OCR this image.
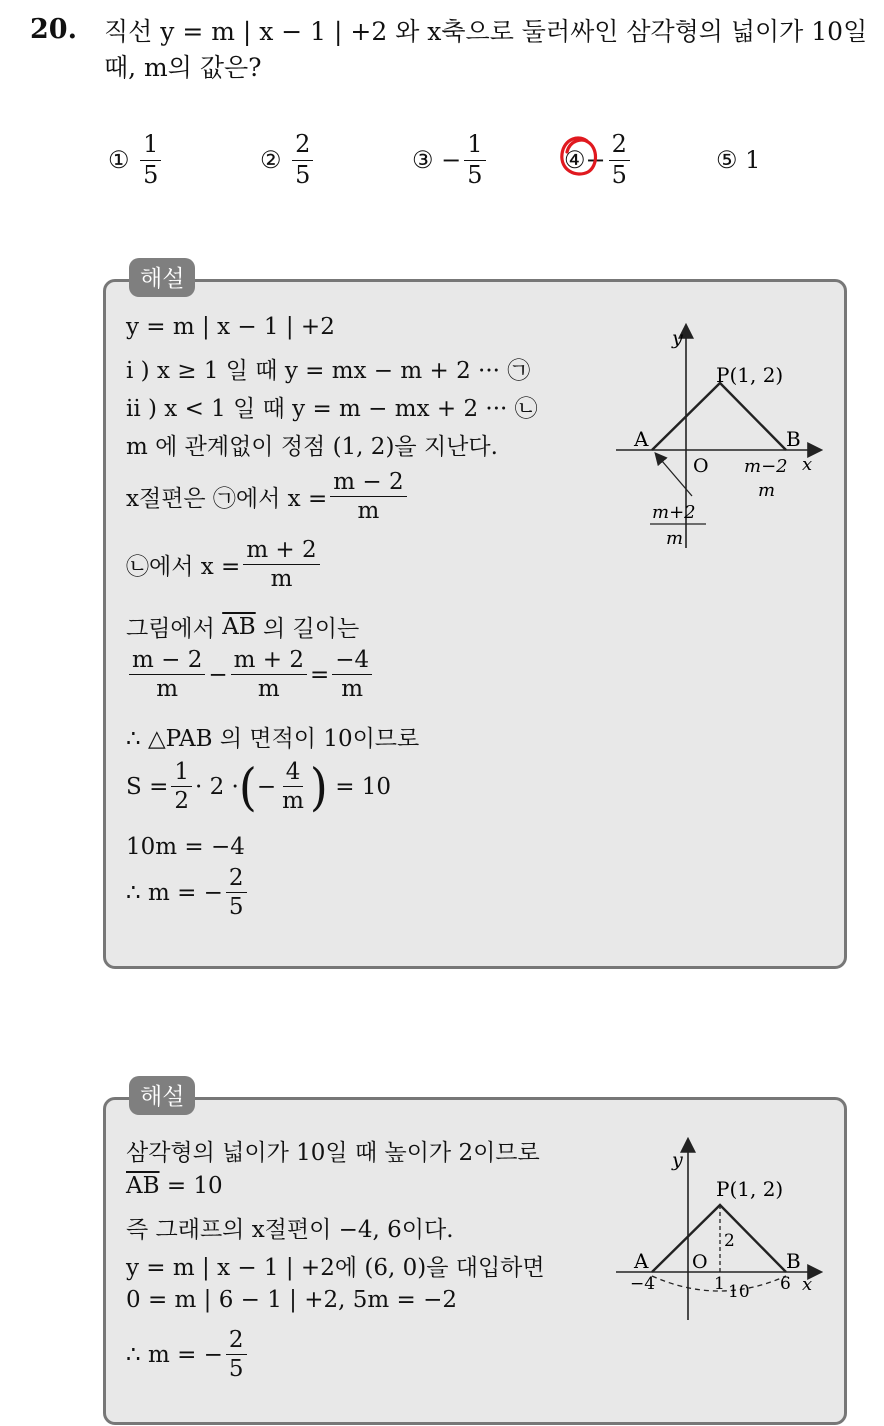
20. 직선 y = m | x − 1 | +2 와 x축으로 둘러싸인 삼각형의 넓이가 10일
때, m의 값은?
①
$\frac{1}{5}$	②
$\frac{2}{5}$	③
− $\frac{1}{5}$	④ − $\frac{2}{5}$	⑤
1
해설
y = m | x − 1 | +2
i ) x ≥ 1 일 때 y = mx − m + 2 ··· ㉠
ii ) x < 1 일 때 y = m − mx + 2 ··· ㉡
m 에 관계없이 정점 (1, 2)을 지난다.
x절편은 ㉠에서 $x = \frac{m - 2}{m}$
㉡에서 $x = \frac{m + 2}{m}$
그림에서
$\overline{AB}$
의 길이는
$\frac{m - 2}{m} - \frac{m + 2}{m} = \frac{-4}{m}$
∴ △PAB 의 면적이 10이므로
$S = \frac{1}{2} \cdot 2$ · ( − $\frac{4}{m}$ )
= 10
10m = −4
∴ m = − $\frac{2}{5}$
y
P(1, 2)
A	B
O	x
m−2
m
m+2
m
해설
삼각형의 넓이가 10일 때 높이가 2이므로
$\overline{AB}$
= 10
즉 그래프의 x절편이 −4, 6이다.
y = m | x − 1 | +2에 (6, 0)을 대입하면
0 = m | 6 − 1 | +2, 5m = −2
∴ m = − $\frac{2}{5}$
y
P(1, 2)
A	B
O
2
−4	1 10 6 x
